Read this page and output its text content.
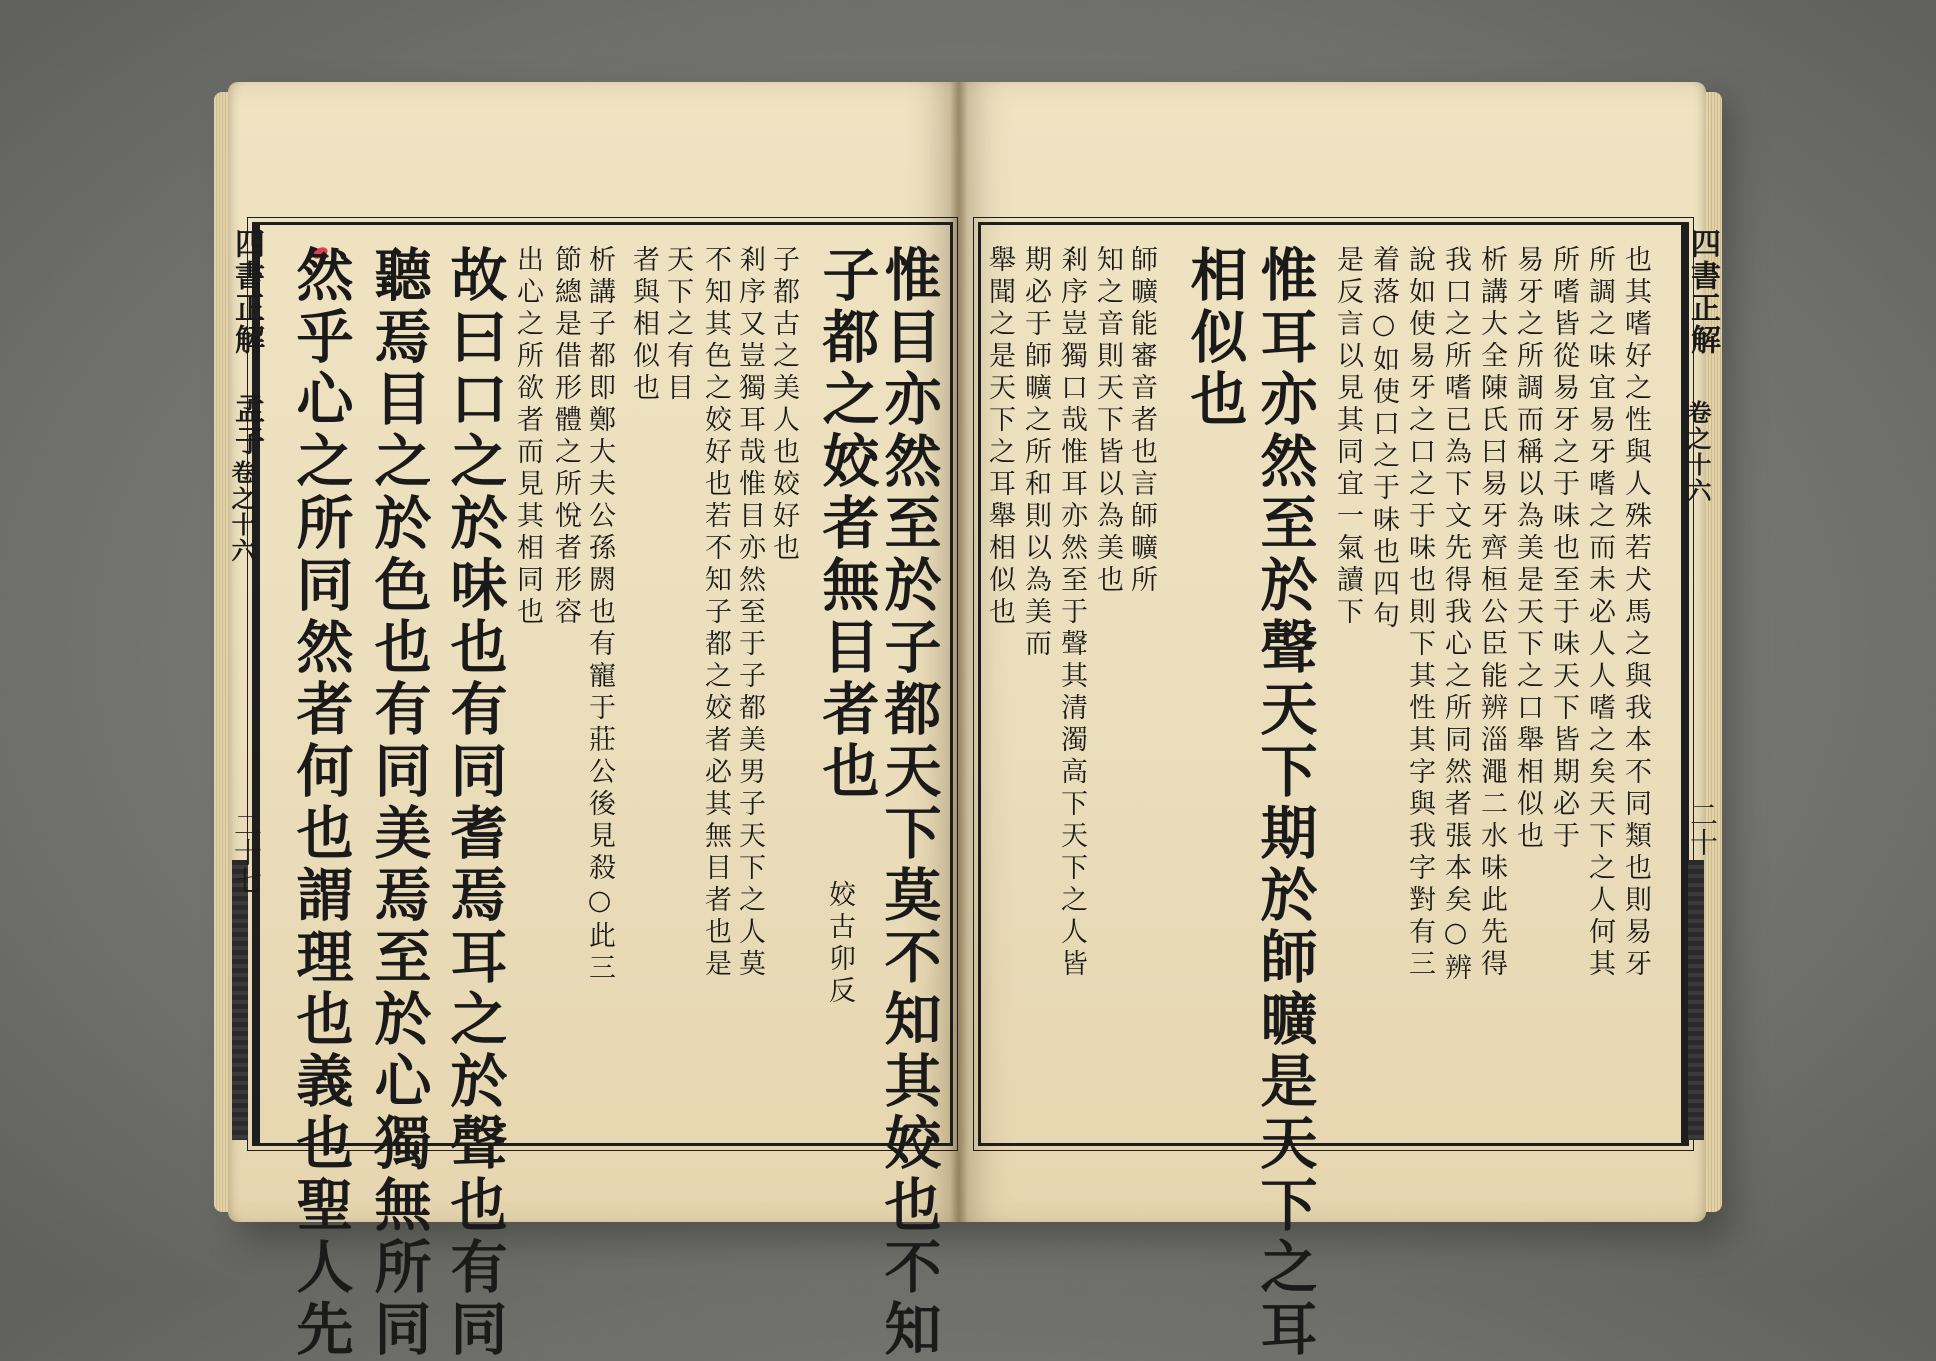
四書正解 孟子
卷之十六
二十七
四書正解
卷之十六
二十
惟目亦然至於子都天下莫不知其姣也不知
子都之姣者無目者也
姣古卯反
子都古之美人也姣好也
剎序又豈獨耳哉惟目亦然至于子都美男子天下之人莫
不知其色之姣好也若不知子都之姣者必其無目者也是
天下之有目
者與相似也
析講子都即鄭大夫公孫閼也有寵于莊公後見殺○此三
節總是借形體之所悅者形容
出心之所欲者而見其相同也
故曰口之於味也有同耆焉耳之於聲也有同
聽焉目之於色也有同美焉至於心獨無所同
然乎心之所同然者何也謂理也義也聖人先	也其嗜好之性與人殊若犬馬之與我本不同類也則易牙
所調之味宜易牙嗜之而未必人人嗜之矣天下之人何其
所嗜皆從易牙之于味也至于味天下皆期必于
易牙之所調而稱以為美是天下之口舉相似也
析講大全陳氏曰易牙齊桓公臣能辨淄澠二水味此先得
我口之所嗜已為下文先得我心之所同然者張本矣○辨
說如使易牙之口之于味也則下其性其字與我字對有三
着落○如使口之于味也四句
是反言以見其同宜一氣讀下
惟耳亦然至於聲天下期於師曠是天下之耳
相似也
師曠能審音者也言師曠所
知之音則天下皆以為美也
剎序豈獨口哉惟耳亦然至于聲其清濁高下天下之人皆
期必于師曠之所和則以為美而
舉聞之是天下之耳舉相似也
